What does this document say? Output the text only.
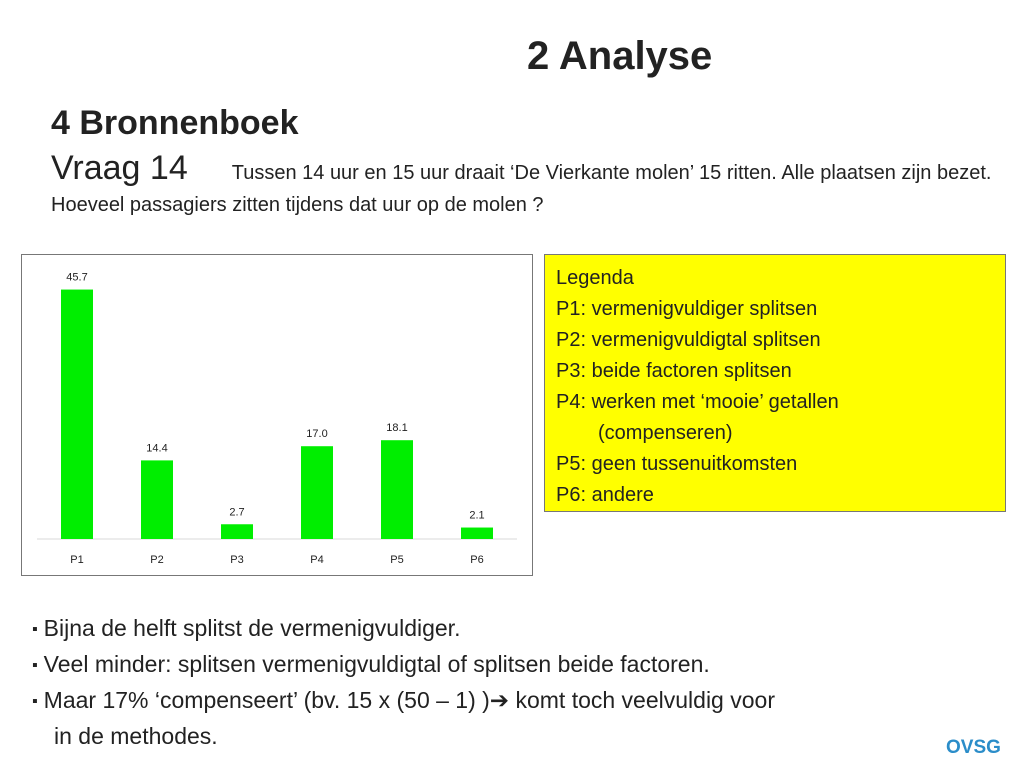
2 Analyse
4 Bronnenboek
Vraag 14 Tussen 14 uur en 15 uur draait ‘De Vierkante molen’ 15 ritten. Alle plaatsen zijn bezet. Hoeveel passagiers zitten tijdens dat uur op de molen ?
45.7
P1
14.4
P2
2.7
P3
17.0
P4
18.1
P5
2.1
P6
Legenda
P1: vermenigvuldiger splitsen
P2: vermenigvuldigtal splitsen
P3: beide factoren splitsen
P4: werken met ‘mooie’ getallen
(compenseren)
P5: geen tussenuitkomsten
P6: andere
▪ Bijna de helft splitst de vermenigvuldiger.
▪ Veel minder: splitsen vermenigvuldigtal of splitsen beide factoren.
▪ Maar 17% ‘compenseert’ (bv. 15 x (50 – 1) )➔ komt toch veelvuldig voor
in de methodes.	OVSG
